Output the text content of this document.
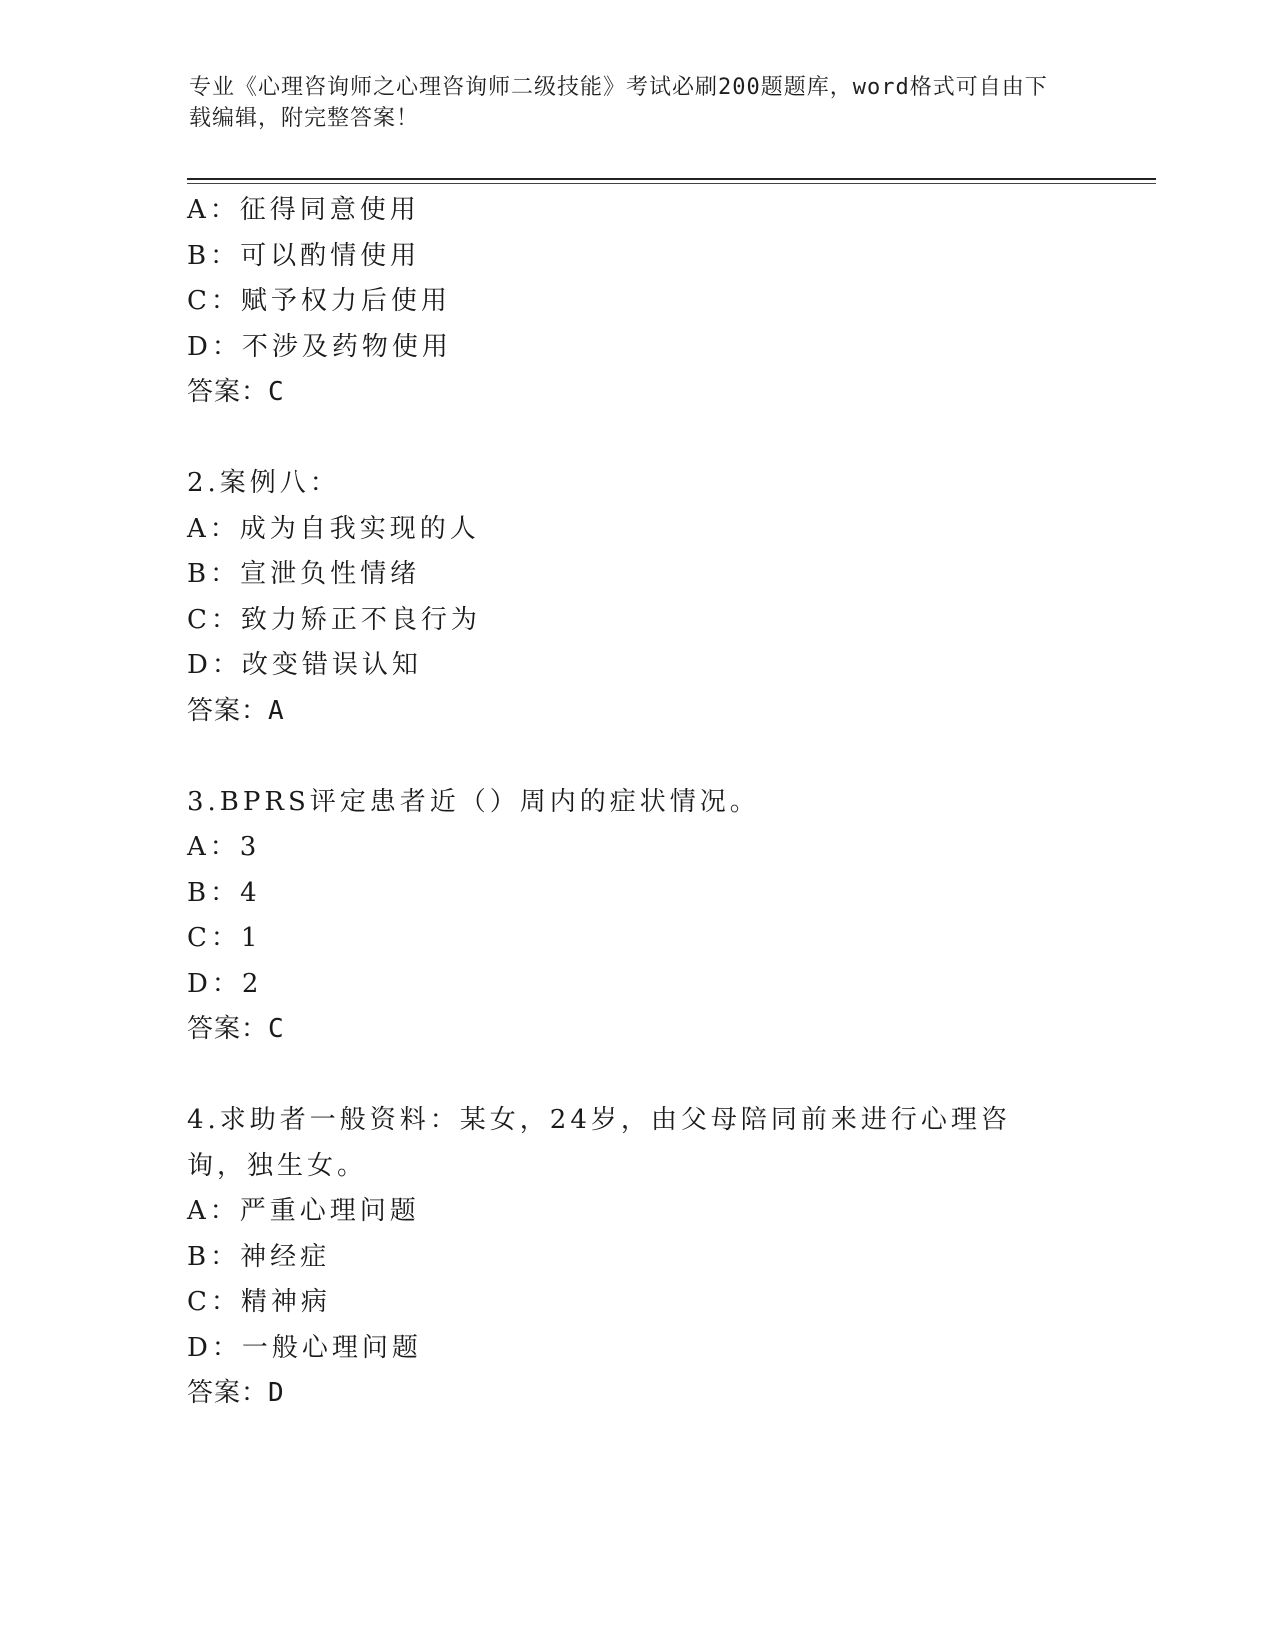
专业《心理咨询师之心理咨询师二级技能》考试必刷200题题库，word格式可自由下载编辑，附完整答案！
A：征得同意使用
B：可以酌情使用
C：赋予权力后使用
D：不涉及药物使用
答案：C
2.案例八：
A：成为自我实现的人
B：宣泄负性情绪
C：致力矫正不良行为
D：改变错误认知
答案：A
3.BPRS评定患者近（）周内的症状情况。
A：3
B：4
C：1
D：2
答案：C
4.求助者一般资料：某女，24岁，由父母陪同前来进行心理咨询，独生女。
A：严重心理问题
B：神经症
C：精神病
D：一般心理问题
答案：D
